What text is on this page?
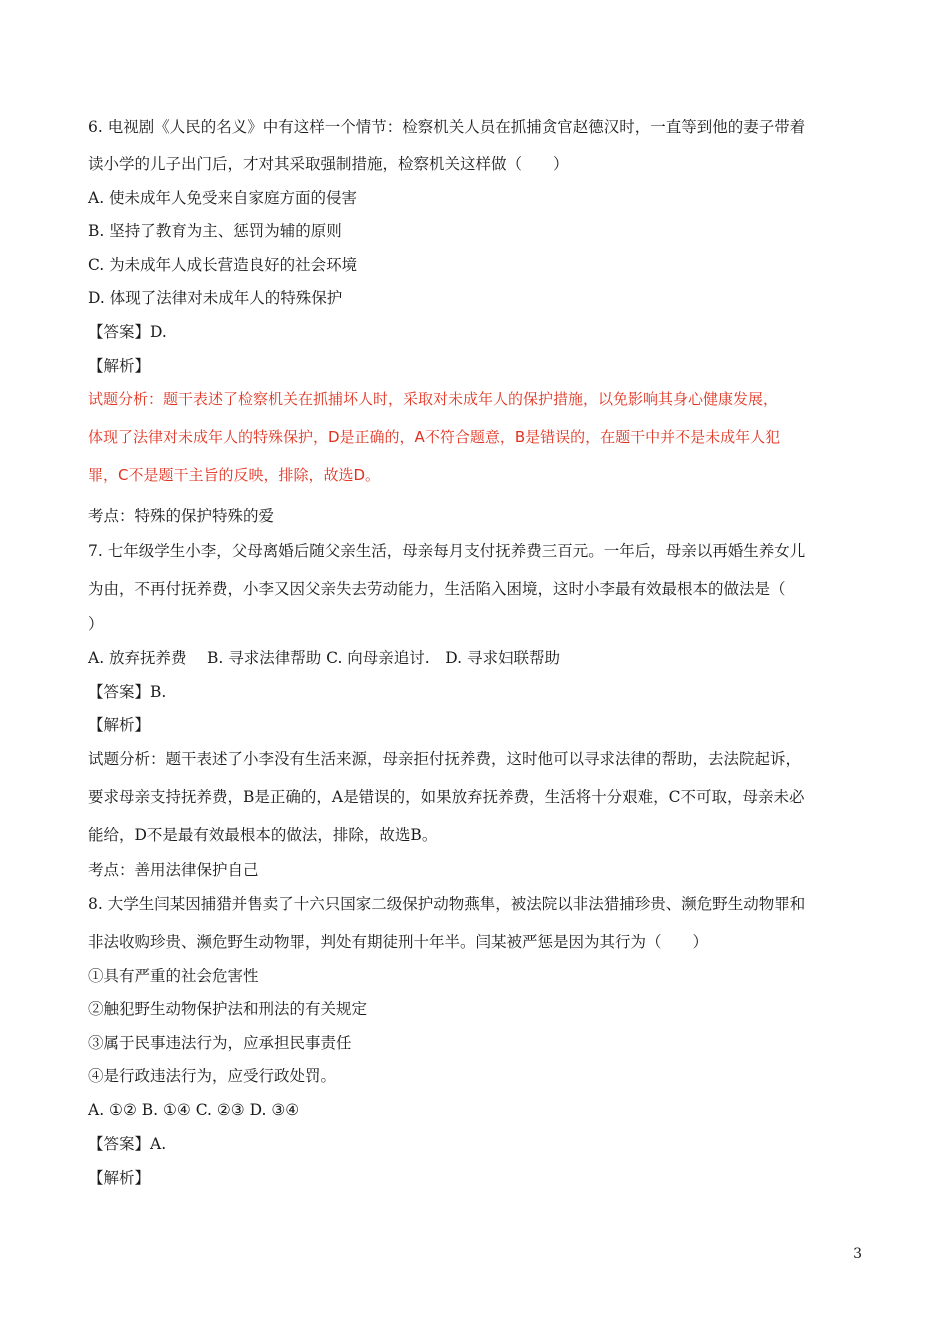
6. 电视剧《人民的名义》中有这样一个情节：检察机关人员在抓捕贪官赵德汉时，一直等到他的妻子带着
读小学的儿子出门后，才对其采取强制措施，检察机关这样做（　　）
A. 使未成年人免受来自家庭方面的侵害
B. 坚持了教育为主、惩罚为辅的原则
C. 为未成年人成长营造良好的社会环境
D. 体现了法律对未成年人的特殊保护
【答案】D.
【解析】
试题分析：题干表述了检察机关在抓捕坏人时，采取对未成年人的保护措施，以免影响其身心健康发展，
体现了法律对未成年人的特殊保护，D是正确的，A不符合题意，B是错误的，在题干中并不是未成年人犯
罪，C不是题干主旨的反映，排除，故选D。
考点：特殊的保护特殊的爱
7. 七年级学生小李，父母离婚后随父亲生活，母亲每月支付抚养费三百元。一年后，母亲以再婚生养女儿
为由，不再付抚养费，小李又因父亲失去劳动能力，生活陷入困境，这时小李最有效最根本的做法是（
）
A. 放弃抚养费　 B. 寻求法律帮助 C. 向母亲追讨.　D. 寻求妇联帮助
【答案】B.
【解析】
试题分析：题干表述了小李没有生活来源，母亲拒付抚养费，这时他可以寻求法律的帮助，去法院起诉，
要求母亲支持抚养费，B是正确的，A是错误的，如果放弃抚养费，生活将十分艰难，C不可取，母亲未必
能给，D不是最有效最根本的做法，排除，故选B。
考点：善用法律保护自己
8. 大学生闫某因捕猎并售卖了十六只国家二级保护动物燕隼，被法院以非法猎捕珍贵、濒危野生动物罪和
非法收购珍贵、濒危野生动物罪，判处有期徒刑十年半。闫某被严惩是因为其行为（　　）
①具有严重的社会危害性
②触犯野生动物保护法和刑法的有关规定
③属于民事违法行为，应承担民事责任
④是行政违法行为，应受行政处罚。
A. ①② B. ①④ C. ②③ D. ③④
【答案】A.
【解析】
3
